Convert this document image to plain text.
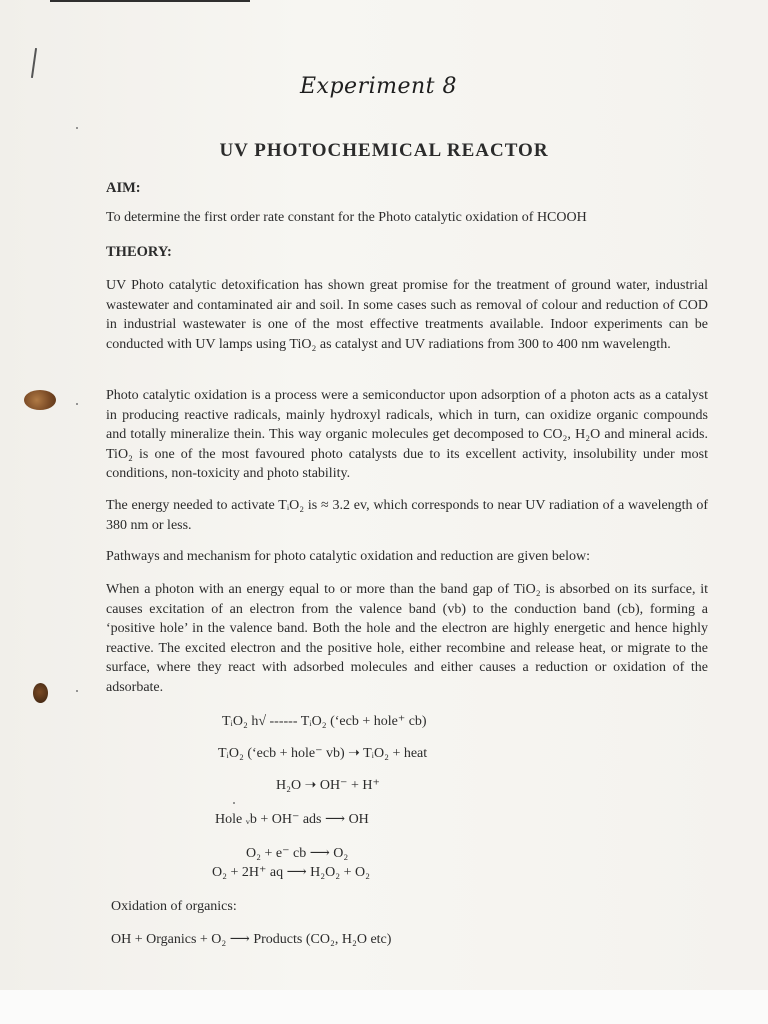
Experiment 8
UV PHOTOCHEMICAL REACTOR
AIM:
To determine the first order rate constant for the Photo catalytic oxidation of HCOOH
THEORY:
UV Photo catalytic detoxification has shown great promise for the treatment of ground water, industrial wastewater and contaminated air and soil. In some cases such as removal of colour and reduction of COD in industrial wastewater is one of the most effective treatments available. Indoor experiments can be conducted with UV lamps using TiO₂ as catalyst and UV radiations from 300 to 400 nm wavelength.
Photo catalytic oxidation is a process were a semiconductor upon adsorption of a photon acts as a catalyst in producing reactive radicals, mainly hydroxyl radicals, which in turn, can oxidize organic compounds and totally mineralize thein. This way organic molecules get decomposed to CO₂, H₂O and mineral acids. TiO₂ is one of the most favoured photo catalysts due to its excellent activity, insolubility under most conditions, non-toxicity and photo stability.
The energy needed to activate TᵢO₂ is ≈ 3.2 ev, which corresponds to near UV radiation of a wavelength of 380 nm or less.
Pathways and mechanism for photo catalytic oxidation and reduction are given below:
When a photon with an energy equal to or more than the band gap of TiO₂ is absorbed on its surface, it causes excitation of an electron from the valence band (vb) to the conduction band (cb), forming a ‘positive hole’ in the valence band. Both the hole and the electron are highly energetic and hence highly reactive. The excited electron and the positive hole, either recombine and release heat, or migrate to the surface, where they react with adsorbed molecules and either causes a reduction or oxidation of the adsorbate.
TᵢO₂ h√ ------ TᵢO₂ (‘ecb + hole⁺ cb)
TᵢO₂ (‘ecb + hole⁻ vb) ➝ TᵢO₂ + heat
H₂O ➝ OH⁻ + H⁺
Hole ᵥb + OH⁻ ads ⟶ OH
O₂ + e⁻ cb ⟶ O₂
O₂ + 2H⁺ aq ⟶ H₂O₂ + O₂
Oxidation of organics:
OH + Organics + O₂ ⟶ Products (CO₂, H₂O etc)
